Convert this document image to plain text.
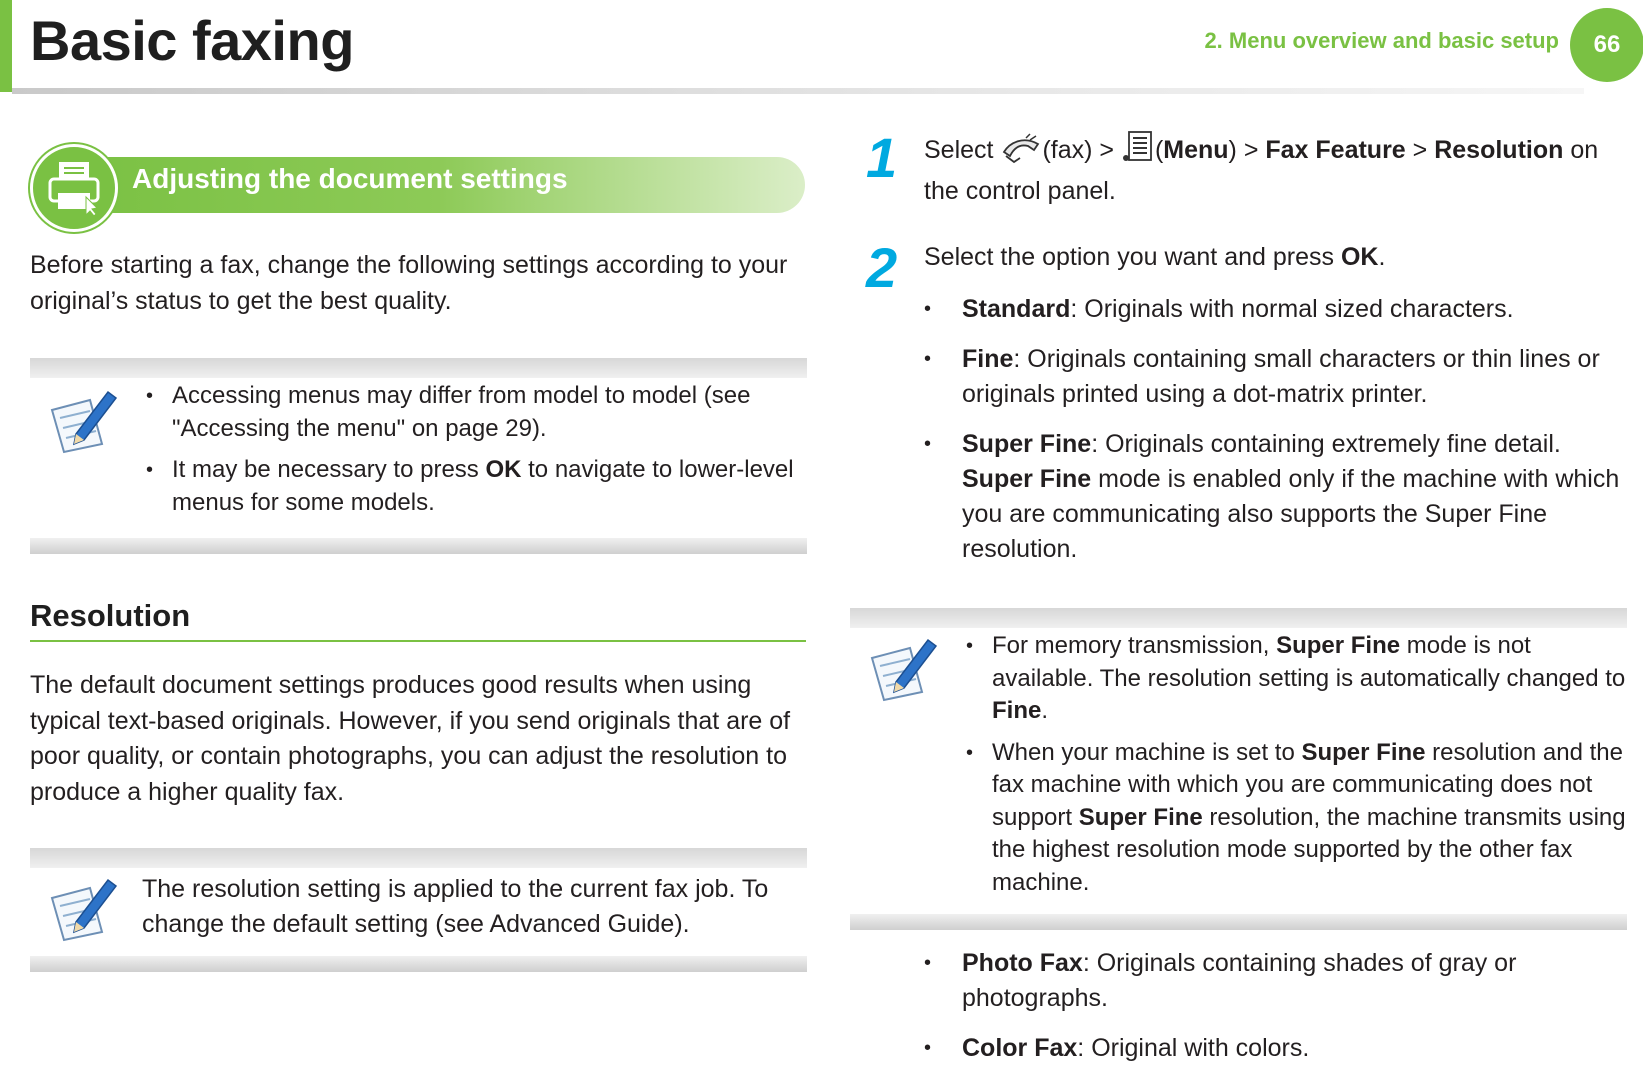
Basic faxing	2. Menu overview and basic setup	66
Adjusting the document settings
Before starting a fax, change the following settings according to your original’s status to get the best quality.
• Accessing menus may differ from model to model (see "Accessing the menu" on page 29).
• It may be necessary to press OK to navigate to lower-level menus for some models.
Resolution
The default document settings produces good results when using typical text-based originals. However, if you send originals that are of poor quality, or contain photographs, you can adjust the resolution to produce a higher quality fax.
The resolution setting is applied to the current fax job. To change the default setting (see Advanced Guide).
1 Select (fax) > (Menu) > Fax Feature > Resolution on the control panel.
2 Select the option you want and press OK.
• Standard: Originals with normal sized characters.
• Fine: Originals containing small characters or thin lines or originals printed using a dot-matrix printer.
• Super Fine: Originals containing extremely fine detail. Super Fine mode is enabled only if the machine with which you are communicating also supports the Super Fine resolution.
• For memory transmission, Super Fine mode is not available. The resolution setting is automatically changed to Fine.
• When your machine is set to Super Fine resolution and the fax machine with which you are communicating does not support Super Fine resolution, the machine transmits using the highest resolution mode supported by the other fax machine.
• Photo Fax: Originals containing shades of gray or photographs.
• Color Fax: Original with colors.
